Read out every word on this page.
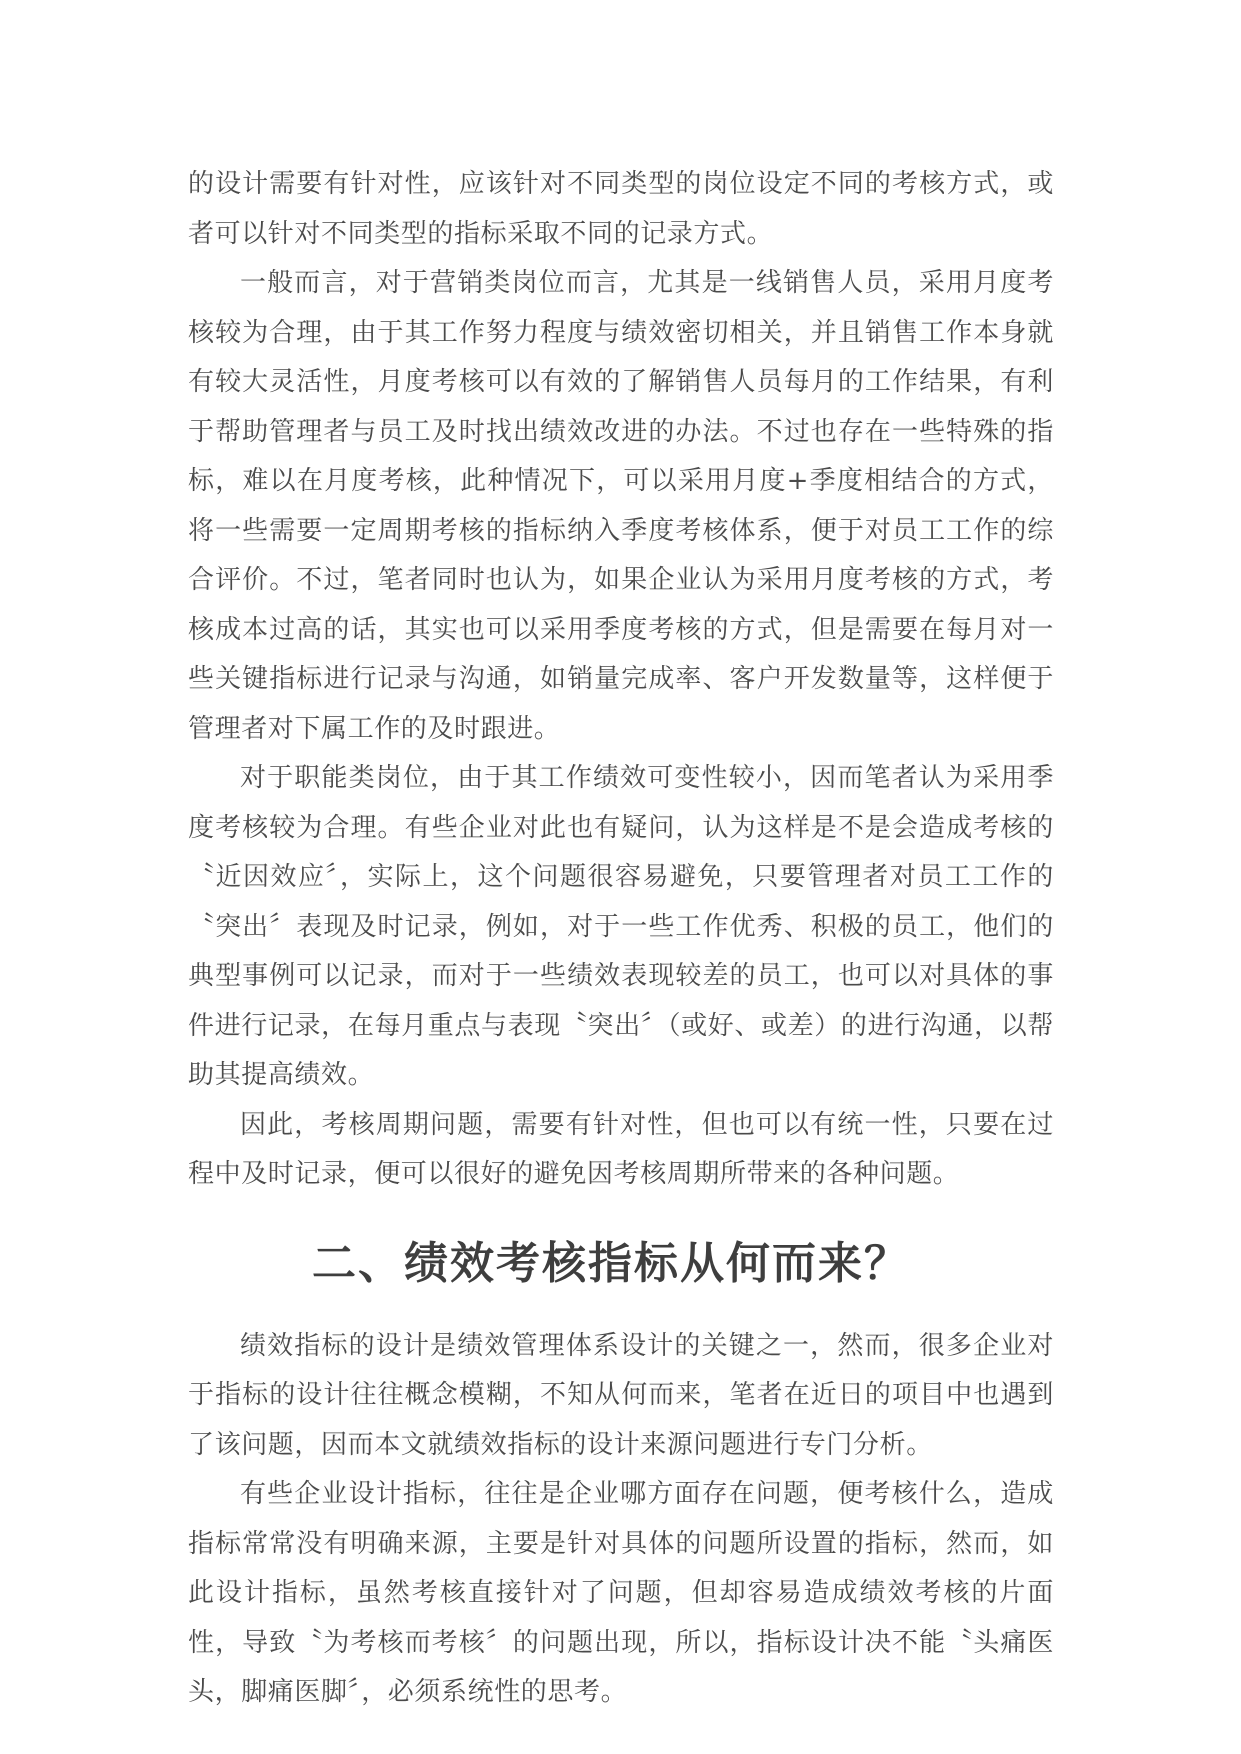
的设计需要有针对性，应该针对不同类型的岗位设定不同的考核方式，或者可以针对不同类型的指标采取不同的记录方式。

一般而言，对于营销类岗位而言，尤其是一线销售人员，采用月度考核较为合理，由于其工作努力程度与绩效密切相关，并且销售工作本身就有较大灵活性，月度考核可以有效的了解销售人员每月的工作结果，有利于帮助管理者与员工及时找出绩效改进的办法。不过也存在一些特殊的指标，难以在月度考核，此种情况下，可以采用月度+季度相结合的方式，将一些需要一定周期考核的指标纳入季度考核体系，便于对员工工作的综合评价。不过，笔者同时也认为，如果企业认为采用月度考核的方式，考核成本过高的话，其实也可以采用季度考核的方式，但是需要在每月对一些关键指标进行记录与沟通，如销量完成率、客户开发数量等，这样便于管理者对下属工作的及时跟进。

对于职能类岗位，由于其工作绩效可变性较小，因而笔者认为采用季度考核较为合理。有些企业对此也有疑问，认为这样是不是会造成考核的〝近因效应〞，实际上，这个问题很容易避免，只要管理者对员工工作的〝突出〞表现及时记录，例如，对于一些工作优秀、积极的员工，他们的典型事例可以记录，而对于一些绩效表现较差的员工，也可以对具体的事件进行记录，在每月重点与表现〝突出〞（或好、或差）的进行沟通，以帮助其提高绩效。

因此，考核周期问题，需要有针对性，但也可以有统一性，只要在过程中及时记录，便可以很好的避免因考核周期所带来的各种问题。

二、绩效考核指标从何而来？

绩效指标的设计是绩效管理体系设计的关键之一，然而，很多企业对于指标的设计往往概念模糊，不知从何而来，笔者在近日的项目中也遇到了该问题，因而本文就绩效指标的设计来源问题进行专门分析。

有些企业设计指标，往往是企业哪方面存在问题，便考核什么，造成指标常常没有明确来源，主要是针对具体的问题所设置的指标，然而，如此设计指标，虽然考核直接针对了问题，但却容易造成绩效考核的片面性，导致〝为考核而考核〞的问题出现，所以，指标设计决不能〝头痛医头，脚痛医脚〞，必须系统性的思考。
